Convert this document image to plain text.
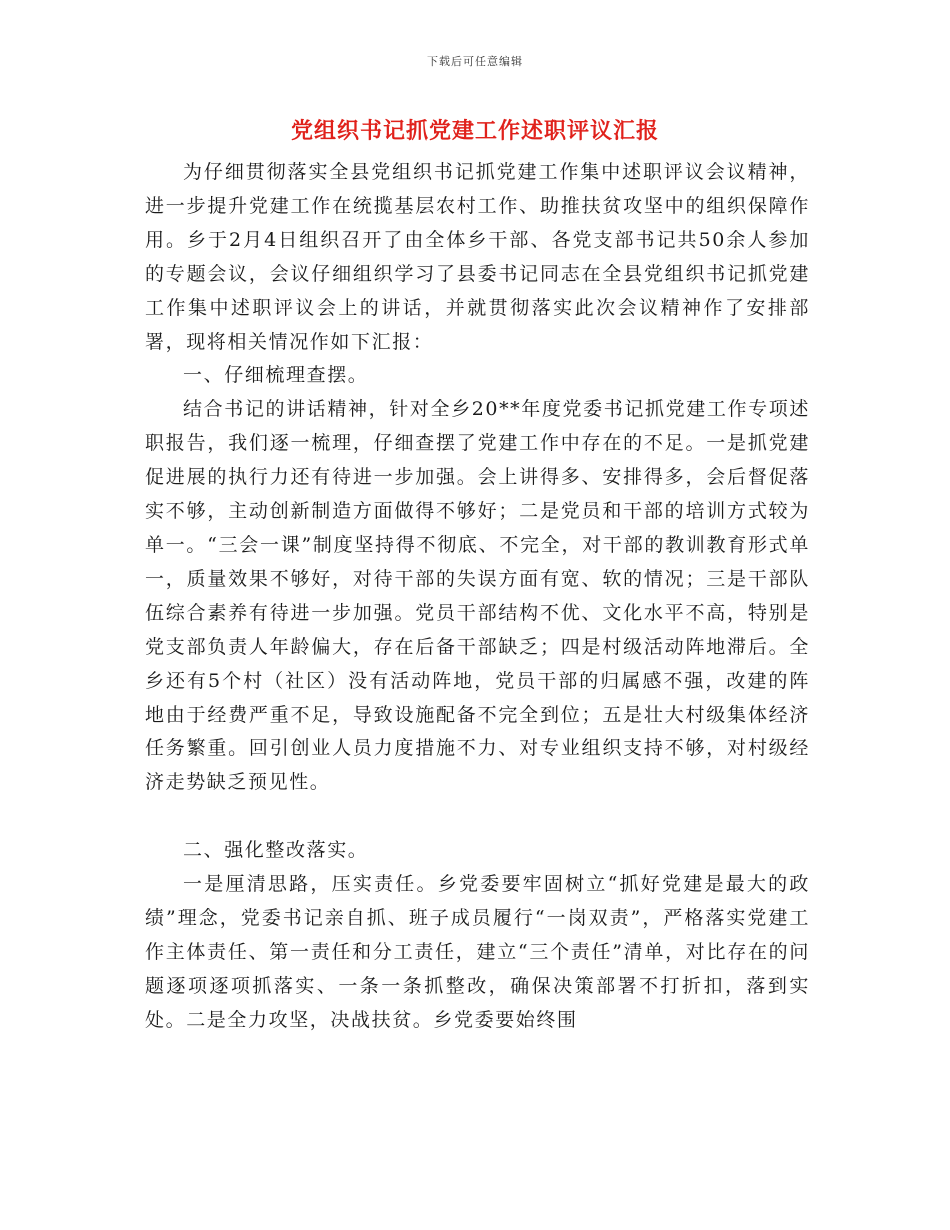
下载后可任意编辑
党组织书记抓党建工作述职评议汇报

为仔细贯彻落实全县党组织书记抓党建工作集中述职评议会议精神，进一步提升党建工作在统揽基层农村工作、助推扶贫攻坚中的组织保障作用。乡于2月4日组织召开了由全体乡干部、各党支部书记共50余人参加的专题会议，会议仔细组织学习了县委书记同志在全县党组织书记抓党建工作集中述职评议会上的讲话，并就贯彻落实此次会议精神作了安排部署，现将相关情况作如下汇报：

一、仔细梳理查摆。

结合书记的讲话精神，针对全乡20**年度党委书记抓党建工作专项述职报告，我们逐一梳理，仔细查摆了党建工作中存在的不足。一是抓党建促进展的执行力还有待进一步加强。会上讲得多、安排得多，会后督促落实不够，主动创新制造方面做得不够好；二是党员和干部的培训方式较为单一。“三会一课”制度坚持得不彻底、不完全，对干部的教训教育形式单一，质量效果不够好，对待干部的失误方面有宽、软的情况；三是干部队伍综合素养有待进一步加强。党员干部结构不优、文化水平不高，特别是党支部负责人年龄偏大，存在后备干部缺乏；四是村级活动阵地滞后。全乡还有5个村（社区）没有活动阵地，党员干部的归属感不强，改建的阵地由于经费严重不足，导致设施配备不完全到位；五是壮大村级集体经济任务繁重。回引创业人员力度措施不力、对专业组织支持不够，对村级经济走势缺乏预见性。

二、强化整改落实。

一是厘清思路，压实责任。乡党委要牢固树立“抓好党建是最大的政绩”理念，党委书记亲自抓、班子成员履行“一岗双责”，严格落实党建工作主体责任、第一责任和分工责任，建立“三个责任”清单，对比存在的问题逐项逐项抓落实、一条一条抓整改，确保决策部署不打折扣，落到实处。二是全力攻坚，决战扶贫。乡党委要始终围
